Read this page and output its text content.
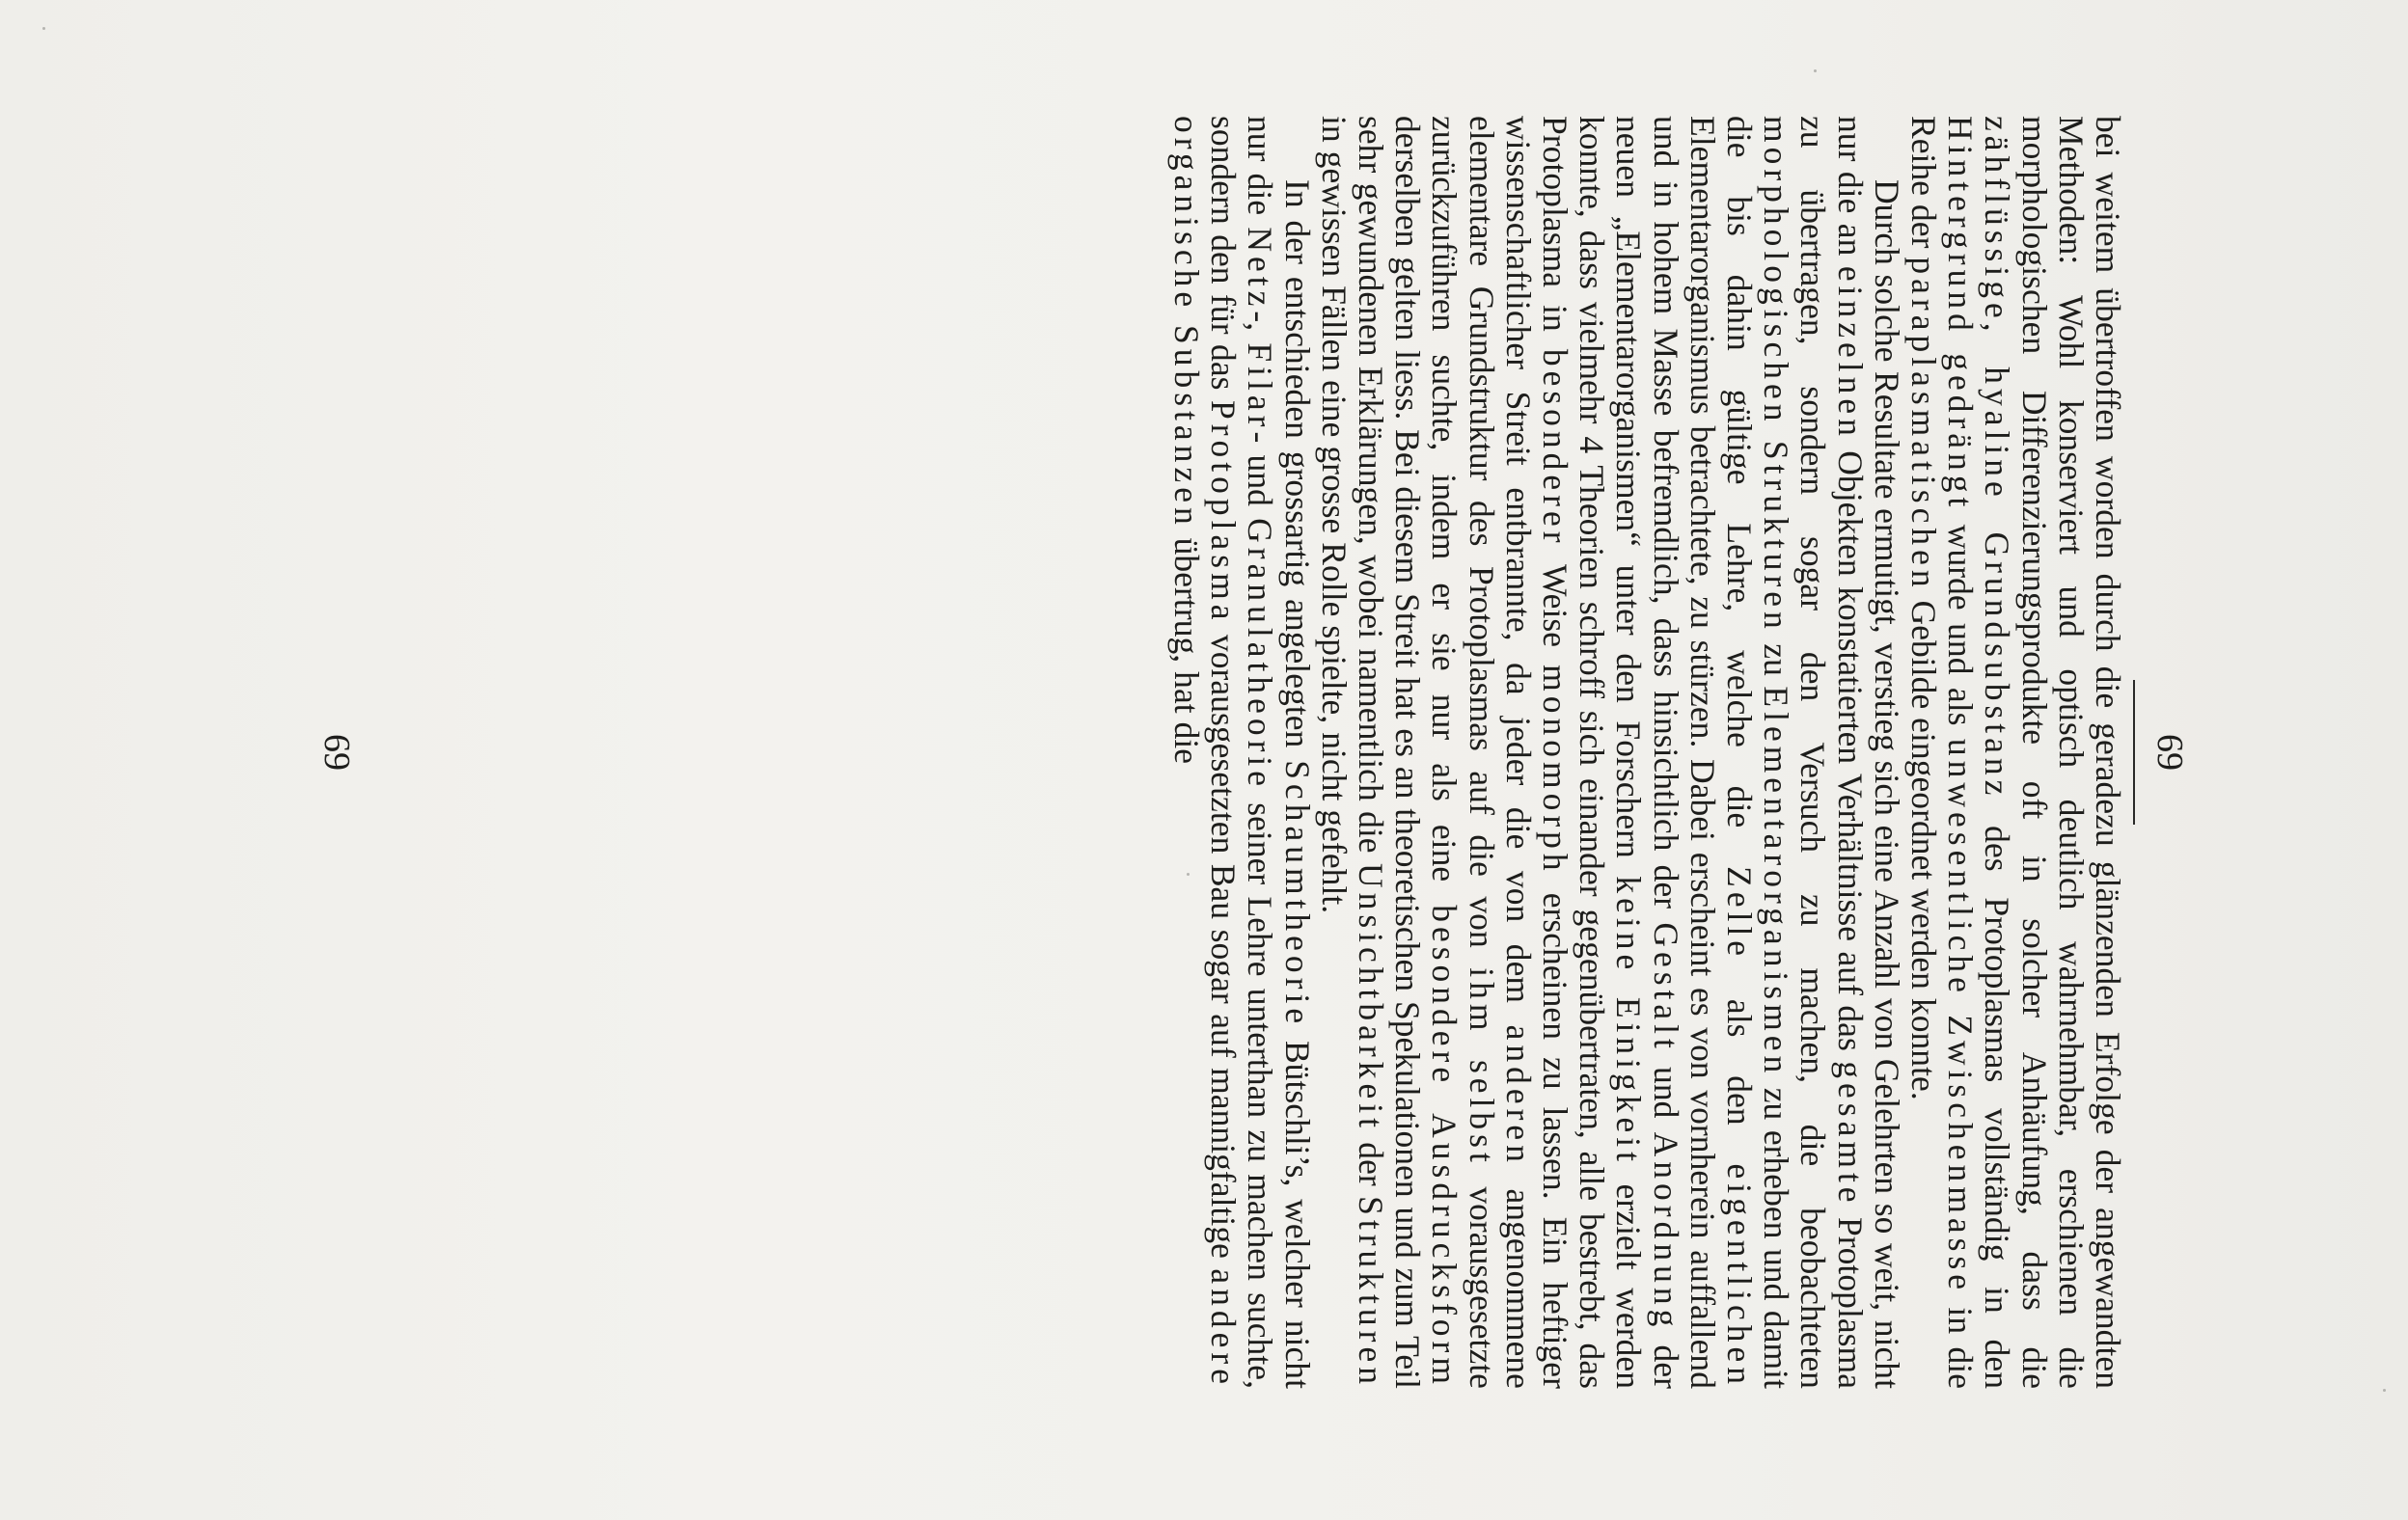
69

bei weitem übertroffen worden durch die geradezu glänzenden Erfolge der angewandten Methoden: Wohl konserviert und optisch deutlich wahrnehmbar, erschienen die morphologischen Differenzierungsprodukte oft in solcher Anhäufung, dass die zähflüssige, hyaline Grundsubstanz des Protoplasmas vollständig in den Hintergrund gedrängt wurde und als unwesentliche Zwischenmasse in die Reihe der paraplasmatischen Gebilde eingeordnet werden konnte.

Durch solche Resultate ermutigt, verstieg sich eine Anzahl von Gelehrten so weit, nicht nur die an einzelnen Objekten konstatierten Verhältnisse auf das gesamte Protoplasma zu übertragen, sondern sogar den Versuch zu machen, die beobachteten morphologischen Strukturen zu Elementarorganismen zu erheben und damit die bis dahin gültige Lehre, welche die Zelle als den eigentlichen Elementarorganismus betrachtete, zu stürzen. Dabei erscheint es von vornherein auffallend und in hohem Masse befremdlich, dass hinsichtlich der Gestalt und Anordnung der neuen „Elementarorganismen“ unter den Forschern keine Einigkeit erzielt werden konnte, dass vielmehr 4 Theorien schroff sich einander gegenübertraten, alle bestrebt, das Protoplasma in besonderer Weise monomorph erscheinen zu lassen. Ein heftiger wissenschaftlicher Streit entbrannte, da jeder die von dem anderen angenommene elementare Grundstruktur des Protoplasmas auf die von ihm selbst vorausgesetzte zurückzuführen suchte, indem er sie nur als eine besondere Ausdrucksform derselben gelten liess. Bei diesem Streit hat es an theoretischen Spekulationen und zum Teil sehr gewundenen Erklärungen, wobei namentlich die Unsichtbarkeit der Strukturen in gewissen Fällen eine grosse Rolle spielte, nicht gefehlt.

In der entschieden grossartig angelegten Schaumtheorie Bütschli’s, welcher nicht nur die Netz-, Filar- und Granulatheorie seiner Lehre unterthan zu machen suchte, sondern den für das Protoplasma vorausgesetzten Bau sogar auf mannigfaltige andere organische Substanzen übertrug, hat die

69
